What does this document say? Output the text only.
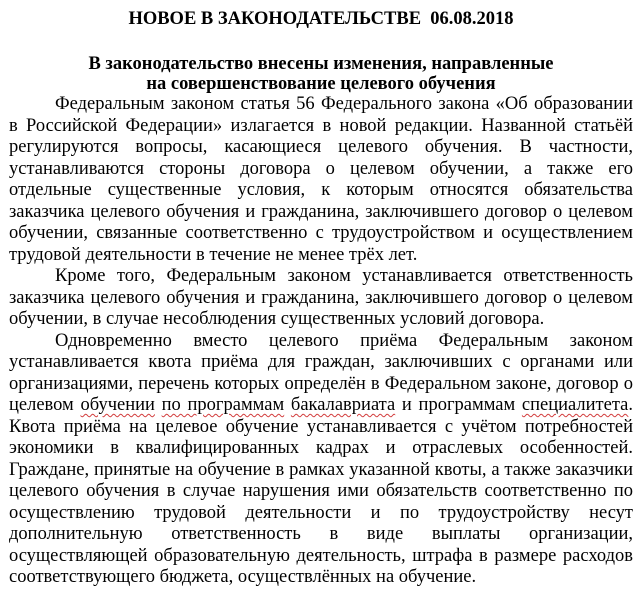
НОВОЕ В ЗАКОНОДАТЕЛЬСТВЕ  06.08.2018
В законодательство внесены изменения, направленные
на совершенствование целевого обучения

Федеральным законом статья 56 Федерального закона «Об образовании в Российской Федерации» излагается в новой редакции. Названной статьёй регулируются вопросы, касающиеся целевого обучения. В частности, устанавливаются стороны договора о целевом обучении, а также его отдельные существенные условия, к которым относятся обязательства заказчика целевого обучения и гражданина, заключившего договор о целевом обучении, связанные соответственно с трудоустройством и осуществлением трудовой деятельности в течение не менее трёх лет.

Кроме того, Федеральным законом устанавливается ответственность заказчика целевого обучения и гражданина, заключившего договор о целевом обучении, в случае несоблюдения существенных условий договора.

Одновременно вместо целевого приёма Федеральным законом устанавливается квота приёма для граждан, заключивших с органами или организациями, перечень которых определён в Федеральном законе, договор о целевом обучении по программам бакалавриата и программам специалитета. Квота приёма на целевое обучение устанавливается с учётом потребностей экономики в квалифицированных кадрах и отраслевых особенностей. Граждане, принятые на обучение в рамках указанной квоты, а также заказчики целевого обучения в случае нарушения ими обязательств соответственно по осуществлению трудовой деятельности и по трудоустройству несут дополнительную ответственность в виде выплаты организации, осуществляющей образовательную деятельность, штрафа в размере расходов соответствующего бюджета, осуществлённых на обучение.
